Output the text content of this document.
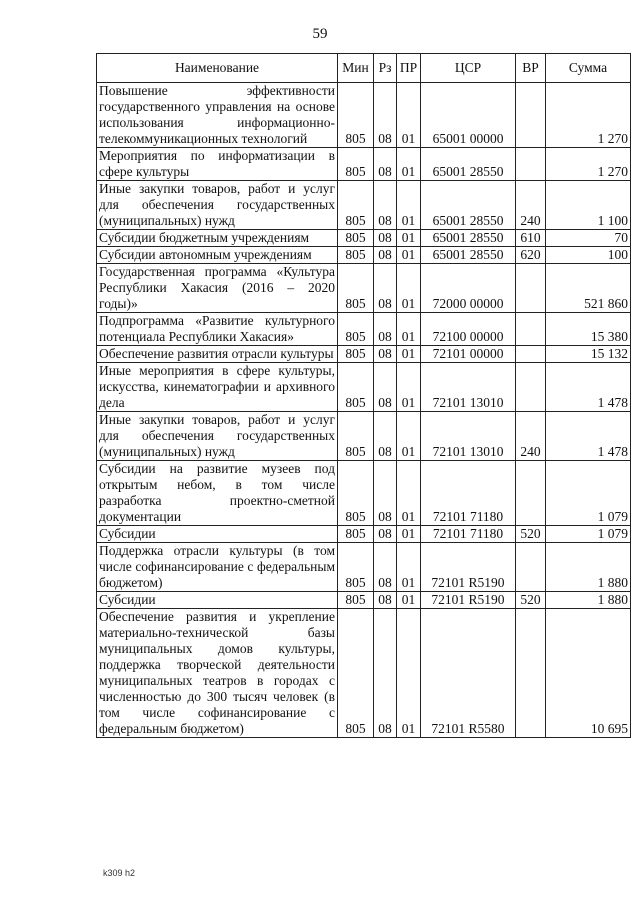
59
Наименование	Мин	Рз	ПР	ЦСР	ВР	Сумма
Повышение эффективности государственного управления на основе использования информационно-телекоммуникационных технологий	805	08	01	65001 00000		1 270
Мероприятия по информатизации в сфере культуры	805	08	01	65001 28550		1 270
Иные закупки товаров, работ и услуг для обеспечения государственных (муниципальных) нужд	805	08	01	65001 28550	240	1 100
Субсидии бюджетным учреждениям	805	08	01	65001 28550	610	70
Субсидии автономным учреждениям	805	08	01	65001 28550	620	100
Государственная программа «Культура Республики Хакасия (2016 – 2020 годы)»	805	08	01	72000 00000		521 860
Подпрограмма «Развитие культурного потенциала Республики Хакасия»	805	08	01	72100 00000		15 380
Обеспечение развития отрасли культуры	805	08	01	72101 00000		15 132
Иные мероприятия в сфере культуры, искусства, кинематографии и архивного дела	805	08	01	72101 13010		1 478
Иные закупки товаров, работ и услуг для обеспечения государственных (муниципальных) нужд	805	08	01	72101 13010	240	1 478
Субсидии на развитие музеев под открытым небом, в том числе разработка проектно-сметной документации	805	08	01	72101 71180		1 079
Субсидии	805	08	01	72101 71180	520	1 079
Поддержка отрасли культуры (в том числе софинансирование с федеральным бюджетом)	805	08	01	72101 R5190		1 880
Субсидии	805	08	01	72101 R5190	520	1 880
Обеспечение развития и укрепление материально-технической базы муниципальных домов культуры, поддержка творческой деятельности муниципальных театров в городах с численностью до 300 тысяч человек (в том числе софинансирование с федеральным бюджетом)	805	08	01	72101 R5580		10 695
k309 h2
